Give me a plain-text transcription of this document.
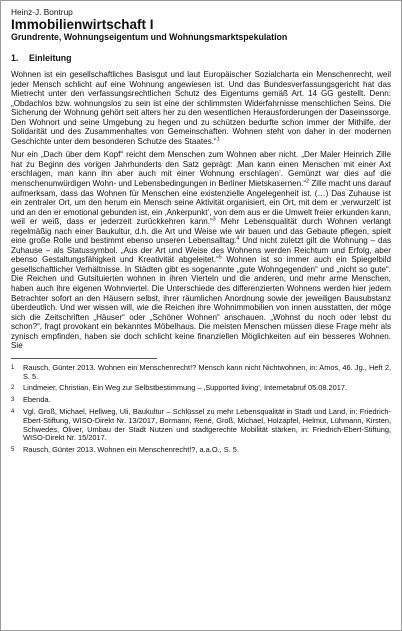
Heinz-J. Bontrup
Immobilienwirtschaft I
Grundrente, Wohnungseigentum und Wohnungsmarktspekulation
1. Einleitung

Wohnen ist ein gesellschaftliches Basisgut und laut Europäischer Sozialcharta ein Menschenrecht, weil jeder Mensch schlicht auf eine Wohnung angewiesen ist. Und das Bundesverfassungsgericht hat das Mietrecht unter den verfassungsrechtlichen Schutz des Eigentums gemäß Art. 14 GG gestellt. Denn: „Obdachlos bzw. wohnungslos zu sein ist eine der schlimmsten Widerfahrnisse menschlichen Seins. Die Sicherung der Wohnung gehört seit alters her zu den wesentlichen Herausforderungen der Daseinssorge. Den Wohnort und seine Umgebung zu hegen und zu schützen bedurfte schon immer der Mithilfe, der Solidarität und des Zusammenhaltes von Gemeinschaften. Wohnen steht von daher in der modernen Geschichte unter dem besonderen Schutze des Staates.“$^1$

Nur ein „Dach über dem Kopf“ reicht dem Menschen zum Wohnen aber nicht. „Der Maler Heinrich Zille hat zu Beginn des vorigen Jahrhunderts den Satz geprägt: ‚Man kann einen Menschen mit einer Axt erschlagen, man kann ihn aber auch mit einer Wohnung erschlagen’. Gemünzt war dies auf die menschenunwürdigen Wohn- und Lebensbedingungen in Berliner Mietskasernen.“$^2$ Zille macht uns darauf aufmerksam, dass das Wohnen für Menschen eine existenzielle Angelegenheit ist. (…) Das Zuhause ist ein zentraler Ort, um den herum ein Mensch seine Aktivität organisiert, ein Ort, mit dem er ‚verwurzelt’ ist und an den er emotional gebunden ist, ein ‚Ankerpunkt’, von dem aus er die Umwelt freier erkunden kann, weil er weiß, dass er jederzeit zurückkehren kann.“$^3$ Mehr Lebensqualität durch Wohnen verlangt regelmäßig nach einer Baukultur, d.h. die Art und Weise wie wir bauen und das Gebaute pflegen, spielt eine große Rolle und bestimmt ebenso unseren Lebensalltag.$^4$ Und nicht zuletzt gilt die Wohnung – das Zuhause – als Statussymbol. „Aus der Art und Weise des Wohnens werden Reichtum und Erfolg, aber ebenso Gestaltungsfähigkeit und Kreativität abgeleitet.“$^5$ Wohnen ist so immer auch ein Spiegelbild gesellschaftlicher Verhältnisse. In Städten gibt es sogenannte „gute Wohngegenden“ und „nicht so gute“. Die Reichen und Gutsituierten wohnen in ihren Vierteln und die anderen, und mehr arme Menschen, haben auch ihre eigenen Wohnviertel. Die Unterschiede des differenzierten Wohnens werden hier jedem Betrachter sofort an den Häusern selbst, ihrer räumlichen Anordnung sowie der jeweiligen Bausubstanz überdeutlich. Und wer wissen will, wie die Reichen ihre Wohnimmobilien von innen ausstatten, der möge sich die Zeitschriften „Häuser“ oder „Schöner Wohnen“ anschauen. „Wohnst du noch oder lebst du schon?“, fragt provokant ein bekanntes Möbelhaus. Die meisten Menschen müssen diese Frage mehr als zynisch empfinden, haben sie doch schlicht keine finanziellen Möglichkeiten auf ein besseres Wohnen. Sie

1	Rausch, Günter 2013. Wohnen ein Menschenrecht!? Mensch kann nicht Nichtwohnen, in: Amos, 46. Jg., Heft 2, S. 5.
2	Lindmeier, Christian, Ein Weg zur Selbstbestimmung – ‚Supported living’, Internetabruf 05.08.2017.
3	Ebenda.
4	Vgl. Groß, Michael, Hellweg, Uli, Baukultur – Schlüssel zu mehr Lebensqualität in Stadt und Land, in: Friedrich-Ebert-Stiftung, WISO-Direkt Nr. 13/2017, Bormann, René, Groß, Michael, Holzapfel, Helmut, Lühmann, Kirsten, Schwedes, Oliver, Umbau der Stadt Nutzen und stadtgerechte Mobilität stärken, in: Friedrich-Ebert-Stiftung, WISO-Direkt Nr. 15/2017.
5	Rausch, Günter 2013. Wohnen ein Menschenrecht!?, a.a.O., S. 5.
